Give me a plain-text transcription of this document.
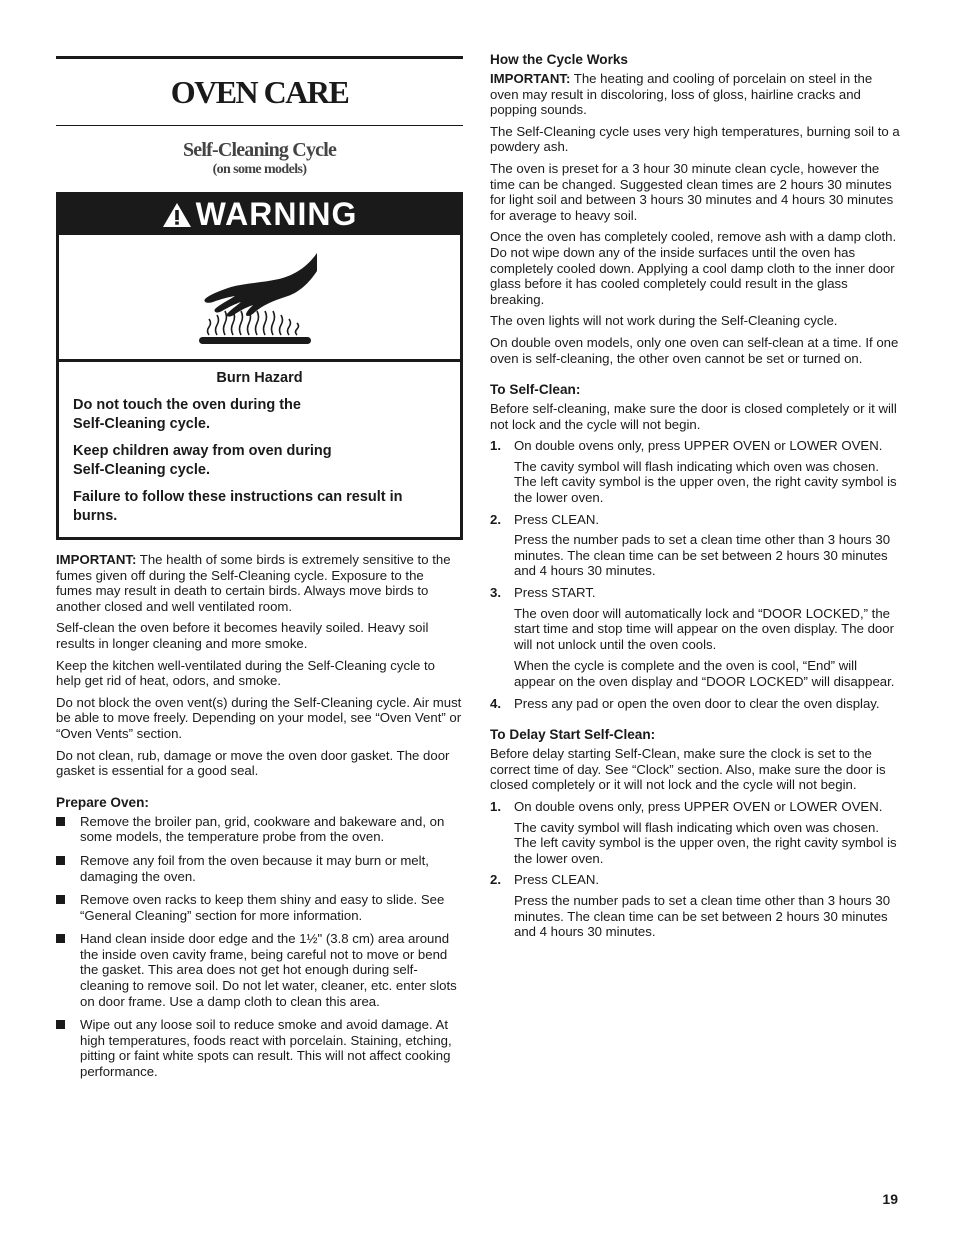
OVEN CARE
Self-Cleaning Cycle
(on some models)
WARNING
Burn Hazard
Do not touch the oven during the Self-Cleaning cycle.
Keep children away from oven during Self-Cleaning cycle.
Failure to follow these instructions can result in burns.

IMPORTANT: The health of some birds is extremely sensitive to the fumes given off during the Self-Cleaning cycle. Exposure to the fumes may result in death to certain birds. Always move birds to another closed and well ventilated room.

Self-clean the oven before it becomes heavily soiled. Heavy soil results in longer cleaning and more smoke.

Keep the kitchen well-ventilated during the Self-Cleaning cycle to help get rid of heat, odors, and smoke.

Do not block the oven vent(s) during the Self-Cleaning cycle. Air must be able to move freely. Depending on your model, see “Oven Vent” or “Oven Vents” section.

Do not clean, rub, damage or move the oven door gasket. The door gasket is essential for a good seal.

Prepare Oven:
Remove the broiler pan, grid, cookware and bakeware and, on some models, the temperature probe from the oven.
Remove any foil from the oven because it may burn or melt, damaging the oven.
Remove oven racks to keep them shiny and easy to slide. See “General Cleaning” section for more information.
Hand clean inside door edge and the 1½" (3.8 cm) area around the inside oven cavity frame, being careful not to move or bend the gasket. This area does not get hot enough during self-cleaning to remove soil. Do not let water, cleaner, etc. enter slots on door frame. Use a damp cloth to clean this area.
Wipe out any loose soil to reduce smoke and avoid damage. At high temperatures, foods react with porcelain. Staining, etching, pitting or faint white spots can result. This will not affect cooking performance.
How the Cycle Works

IMPORTANT: The heating and cooling of porcelain on steel in the oven may result in discoloring, loss of gloss, hairline cracks and popping sounds.

The Self-Cleaning cycle uses very high temperatures, burning soil to a powdery ash.

The oven is preset for a 3 hour 30 minute clean cycle, however the time can be changed. Suggested clean times are 2 hours 30 minutes for light soil and between 3 hours 30 minutes and 4 hours 30 minutes for average to heavy soil.

Once the oven has completely cooled, remove ash with a damp cloth. Do not wipe down any of the inside surfaces until the oven has completely cooled down. Applying a cool damp cloth to the inner door glass before it has cooled completely could result in the glass breaking.

The oven lights will not work during the Self-Cleaning cycle.

On double oven models, only one oven can self-clean at a time. If one oven is self-cleaning, the other oven cannot be set or turned on.

To Self-Clean:

Before self-cleaning, make sure the door is closed completely or it will not lock and the cycle will not begin.

1. On double ovens only, press UPPER OVEN or LOWER OVEN.
The cavity symbol will flash indicating which oven was chosen. The left cavity symbol is the upper oven, the right cavity symbol is the lower oven.
2. Press CLEAN.
Press the number pads to set a clean time other than 3 hours 30 minutes. The clean time can be set between 2 hours 30 minutes and 4 hours 30 minutes.
3. Press START.
The oven door will automatically lock and “DOOR LOCKED,” the start time and stop time will appear on the oven display. The door will not unlock until the oven cools.
When the cycle is complete and the oven is cool, “End” will appear on the oven display and “DOOR LOCKED” will disappear.
4. Press any pad or open the oven door to clear the oven display.
To Delay Start Self-Clean:

Before delay starting Self-Clean, make sure the clock is set to the correct time of day. See “Clock” section. Also, make sure the door is closed completely or it will not lock and the cycle will not begin.

1. On double ovens only, press UPPER OVEN or LOWER OVEN.
The cavity symbol will flash indicating which oven was chosen. The left cavity symbol is the upper oven, the right cavity symbol is the lower oven.
2. Press CLEAN.
Press the number pads to set a clean time other than 3 hours 30 minutes. The clean time can be set between 2 hours 30 minutes and 4 hours 30 minutes.
19
